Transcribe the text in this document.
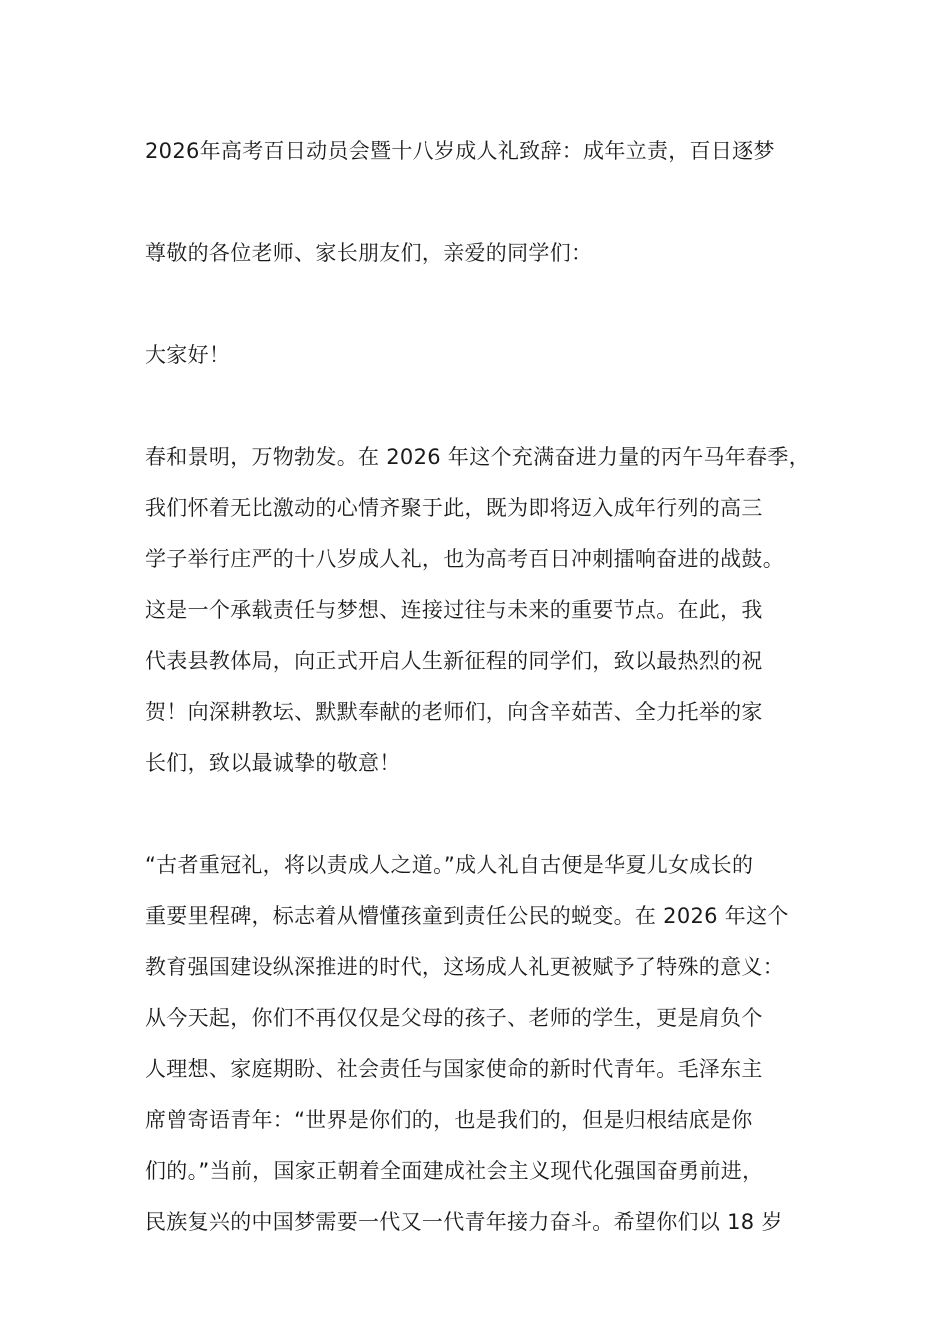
2026年高考百日动员会暨十八岁成人礼致辞：成年立责，百日逐梦
尊敬的各位老师、家长朋友们，亲爱的同学们：
大家好！
春和景明，万物勃发。在 2026 年这个充满奋进力量的丙午马年春季，
我们怀着无比激动的心情齐聚于此，既为即将迈入成年行列的高三
学子举行庄严的十八岁成人礼，也为高考百日冲刺擂响奋进的战鼓。
这是一个承载责任与梦想、连接过往与未来的重要节点。在此，我
代表县教体局，向正式开启人生新征程的同学们，致以最热烈的祝
贺！向深耕教坛、默默奉献的老师们，向含辛茹苦、全力托举的家
长们，致以最诚挚的敬意！
“古者重冠礼，将以责成人之道。”成人礼自古便是华夏儿女成长的
重要里程碑，标志着从懵懂孩童到责任公民的蜕变。在 2026 年这个
教育强国建设纵深推进的时代，这场成人礼更被赋予了特殊的意义：
从今天起，你们不再仅仅是父母的孩子、老师的学生，更是肩负个
人理想、家庭期盼、社会责任与国家使命的新时代青年。毛泽东主
席曾寄语青年：“世界是你们的，也是我们的，但是归根结底是你
们的。”当前，国家正朝着全面建成社会主义现代化强国奋勇前进，
民族复兴的中国梦需要一代又一代青年接力奋斗。希望你们以 18 岁
